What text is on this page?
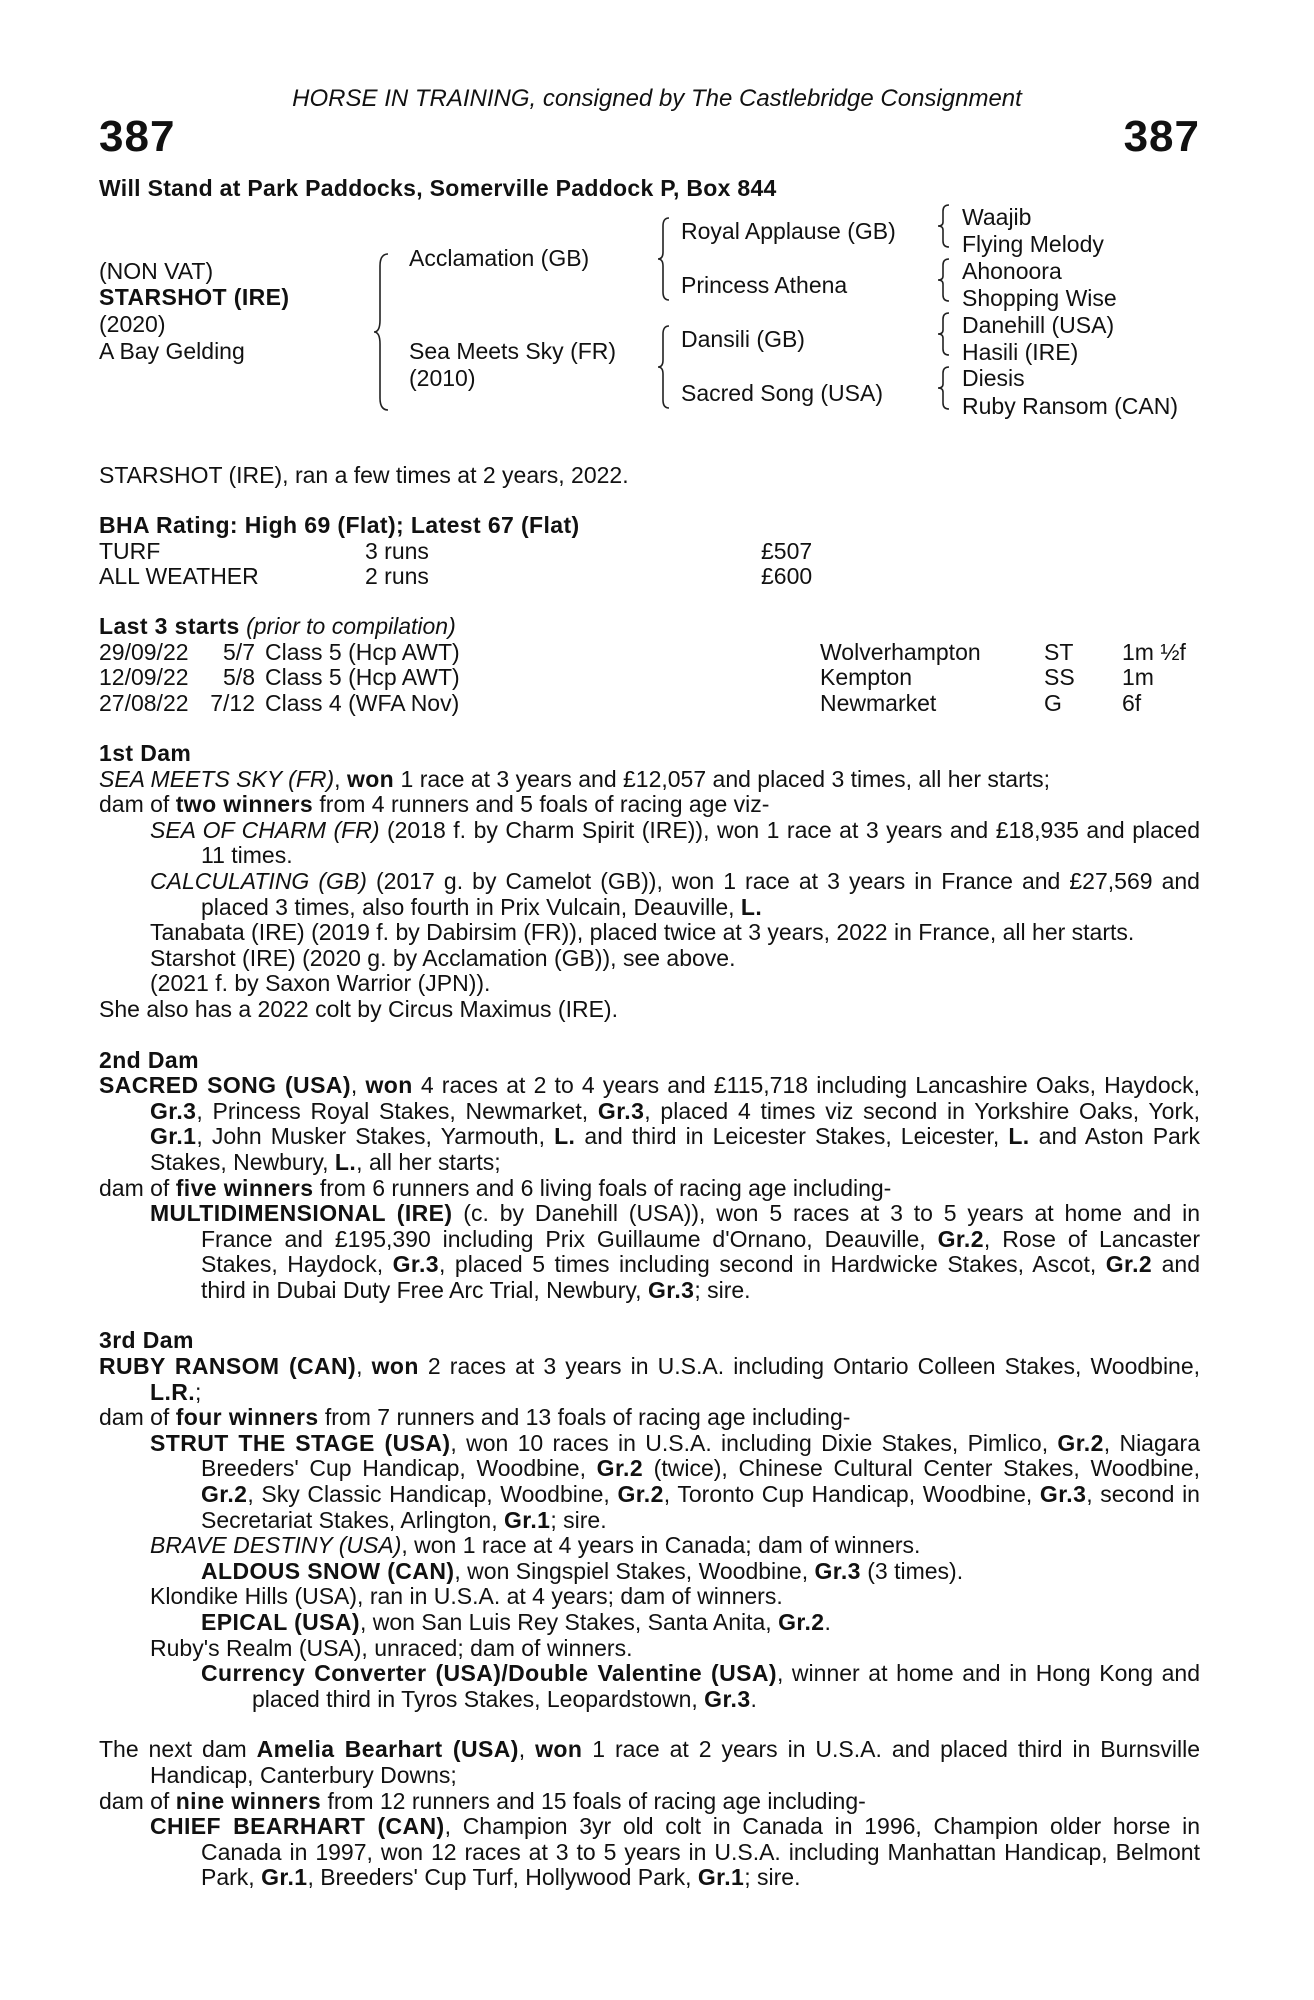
HORSE IN TRAINING, consigned by The Castlebridge Consignment
387	387
Will Stand at Park Paddocks, Somerville Paddock P, Box 844
(NON VAT)
STARSHOT (IRE)
(2020)
A Bay Gelding
Acclamation (GB)
Sea Meets Sky (FR)
(2010)
Royal Applause (GB)
Princess Athena
Dansili (GB)
Sacred Song (USA)
Waajib
Flying Melody
Ahonoora
Shopping Wise
Danehill (USA)
Hasili (IRE)
Diesis
Ruby Ransom (CAN)
STARSHOT (IRE), ran a few times at 2 years, 2022.
BHA Rating: High 69 (Flat); Latest 67 (Flat)
TURF	3 runs	£507
ALL WEATHER	2 runs	£600
Last 3 starts (prior to compilation)
29/09/22	5/7	Class 5 (Hcp AWT)	Wolverhampton	ST	1m ½f
12/09/22	5/8	Class 5 (Hcp AWT)	Kempton	SS	1m
27/08/22	7/12	Class 4 (WFA Nov)	Newmarket	G	6f
1st Dam
SEA MEETS SKY (FR), won 1 race at 3 years and £12,057 and placed 3 times, all her starts;
dam of two winners from 4 runners and 5 foals of racing age viz-
SEA OF CHARM (FR) (2018 f. by Charm Spirit (IRE)), won 1 race at 3 years and £18,935 and placed 11 times.
CALCULATING (GB) (2017 g. by Camelot (GB)), won 1 race at 3 years in France and £27,569 and placed 3 times, also fourth in Prix Vulcain, Deauville, L.
Tanabata (IRE) (2019 f. by Dabirsim (FR)), placed twice at 3 years, 2022 in France, all her starts.
Starshot (IRE) (2020 g. by Acclamation (GB)), see above.
(2021 f. by Saxon Warrior (JPN)).
She also has a 2022 colt by Circus Maximus (IRE).
2nd Dam
SACRED SONG (USA), won 4 races at 2 to 4 years and £115,718 including Lancashire Oaks, Haydock, Gr.3, Princess Royal Stakes, Newmarket, Gr.3, placed 4 times viz second in Yorkshire Oaks, York, Gr.1, John Musker Stakes, Yarmouth, L. and third in Leicester Stakes, Leicester, L. and Aston Park Stakes, Newbury, L., all her starts;
dam of five winners from 6 runners and 6 living foals of racing age including-
MULTIDIMENSIONAL (IRE) (c. by Danehill (USA)), won 5 races at 3 to 5 years at home and in France and £195,390 including Prix Guillaume d'Ornano, Deauville, Gr.2, Rose of Lancaster Stakes, Haydock, Gr.3, placed 5 times including second in Hardwicke Stakes, Ascot, Gr.2 and third in Dubai Duty Free Arc Trial, Newbury, Gr.3; sire.
3rd Dam
RUBY RANSOM (CAN), won 2 races at 3 years in U.S.A. including Ontario Colleen Stakes, Woodbine, L.R.;
dam of four winners from 7 runners and 13 foals of racing age including-
STRUT THE STAGE (USA), won 10 races in U.S.A. including Dixie Stakes, Pimlico, Gr.2, Niagara Breeders' Cup Handicap, Woodbine, Gr.2 (twice), Chinese Cultural Center Stakes, Woodbine, Gr.2, Sky Classic Handicap, Woodbine, Gr.2, Toronto Cup Handicap, Woodbine, Gr.3, second in Secretariat Stakes, Arlington, Gr.1; sire.
BRAVE DESTINY (USA), won 1 race at 4 years in Canada; dam of winners.
ALDOUS SNOW (CAN), won Singspiel Stakes, Woodbine, Gr.3 (3 times).
Klondike Hills (USA), ran in U.S.A. at 4 years; dam of winners.
EPICAL (USA), won San Luis Rey Stakes, Santa Anita, Gr.2.
Ruby's Realm (USA), unraced; dam of winners.
Currency Converter (USA)/Double Valentine (USA), winner at home and in Hong Kong and placed third in Tyros Stakes, Leopardstown, Gr.3.
The next dam Amelia Bearhart (USA), won 1 race at 2 years in U.S.A. and placed third in Burnsville Handicap, Canterbury Downs;
dam of nine winners from 12 runners and 15 foals of racing age including-
CHIEF BEARHART (CAN), Champion 3yr old colt in Canada in 1996, Champion older horse in Canada in 1997, won 12 races at 3 to 5 years in U.S.A. including Manhattan Handicap, Belmont Park, Gr.1, Breeders' Cup Turf, Hollywood Park, Gr.1; sire.
